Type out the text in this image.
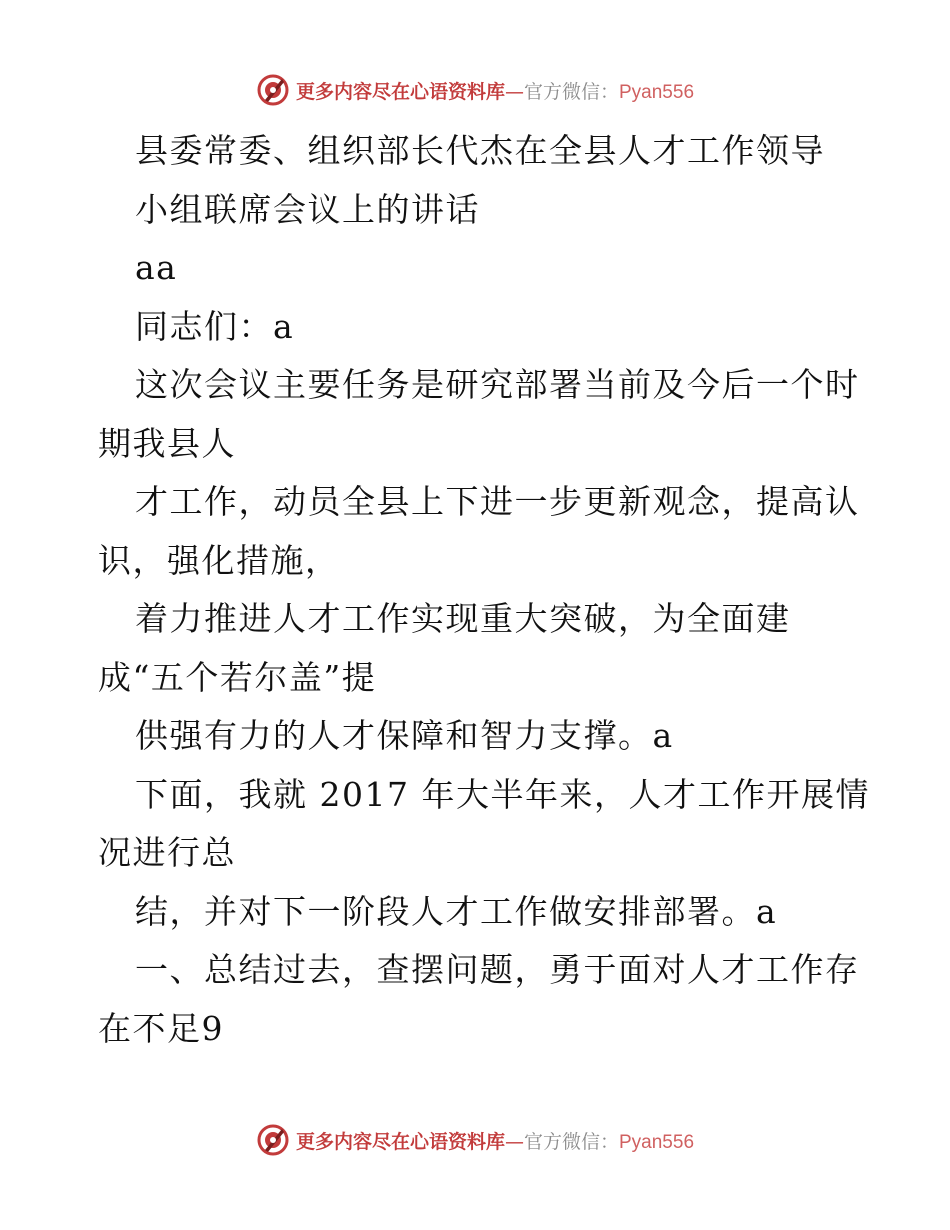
更多内容尽在心语资料库—官方微信：Pyan556
县委常委、组织部长代杰在全县人才工作领导
小组联席会议上的讲话
aa
同志们：a
这次会议主要任务是研究部署当前及今后一个时
期我县人
才工作，动员全县上下进一步更新观念，提高认
识，强化措施，
着力推进人才工作实现重大突破，为全面建
成“五个若尔盖”提
供强有力的人才保障和智力支撑。a
下面，我就 2017 年大半年来，人才工作开展情
况进行总
结，并对下一阶段人才工作做安排部署。a
一、总结过去，查摆问题，勇于面对人才工作存
在不足9
更多内容尽在心语资料库—官方微信：Pyan556
